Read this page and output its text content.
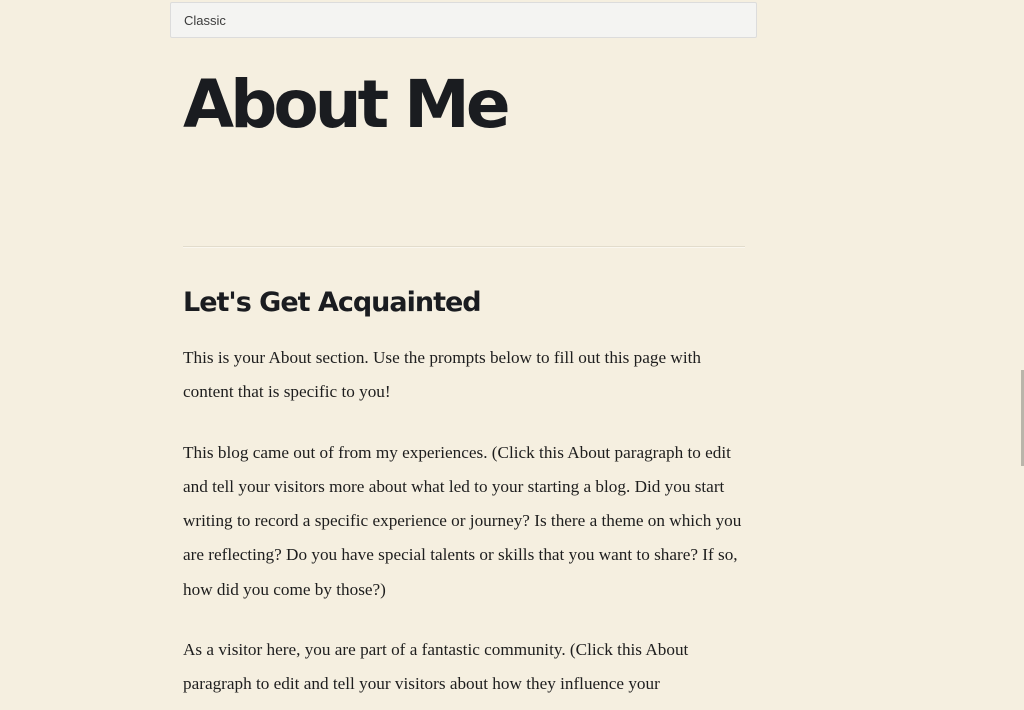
Classic
About Me
Let's Get Acquainted

This is your About section. Use the prompts below to fill out this page with content that is specific to you!

This blog came out of from my experiences. (Click this About paragraph to edit and tell your visitors more about what led to your starting a blog. Did you start writing to record a specific experience or journey? Is there a theme on which you are reflecting? Do you have special talents or skills that you want to share? If so, how did you come by those?)

As a visitor here, you are part of a fantastic community. (Click this About paragraph to edit and tell your visitors about how they influence your
